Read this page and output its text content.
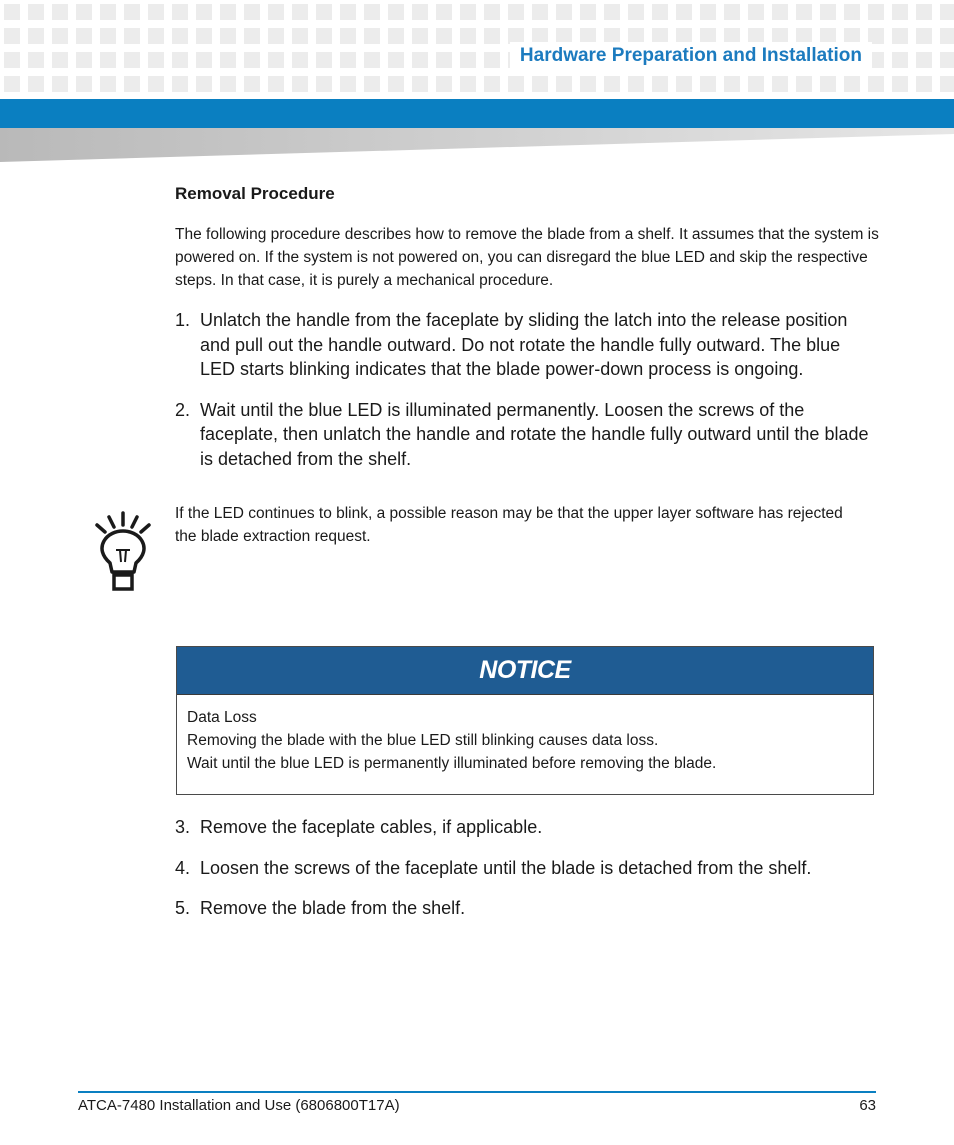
Hardware Preparation and Installation
Removal Procedure

The following procedure describes how to remove the blade from a shelf. It assumes that the system is powered on. If the system is not powered on, you can disregard the blue LED and skip the respective steps. In that case, it is purely a mechanical procedure.

1. Unlatch the handle from the faceplate by sliding the latch into the release position and pull out the handle outward. Do not rotate the handle fully outward. The blue LED starts blinking indicates that the blade power-down process is ongoing.
2. Wait until the blue LED is illuminated permanently. Loosen the screws of the faceplate, then unlatch the handle and rotate the handle fully outward until the blade is detached from the shelf.

If the LED continues to blink, a possible reason may be that the upper layer software has rejected the blade extraction request.

NOTICE
Data Loss
Removing the blade with the blue LED still blinking causes data loss.
Wait until the blue LED is permanently illuminated before removing the blade.
3. Remove the faceplate cables, if applicable.
4. Loosen the screws of the faceplate until the blade is detached from the shelf.
5. Remove the blade from the shelf.
ATCA-7480 Installation and Use (6806800T17A)	63
